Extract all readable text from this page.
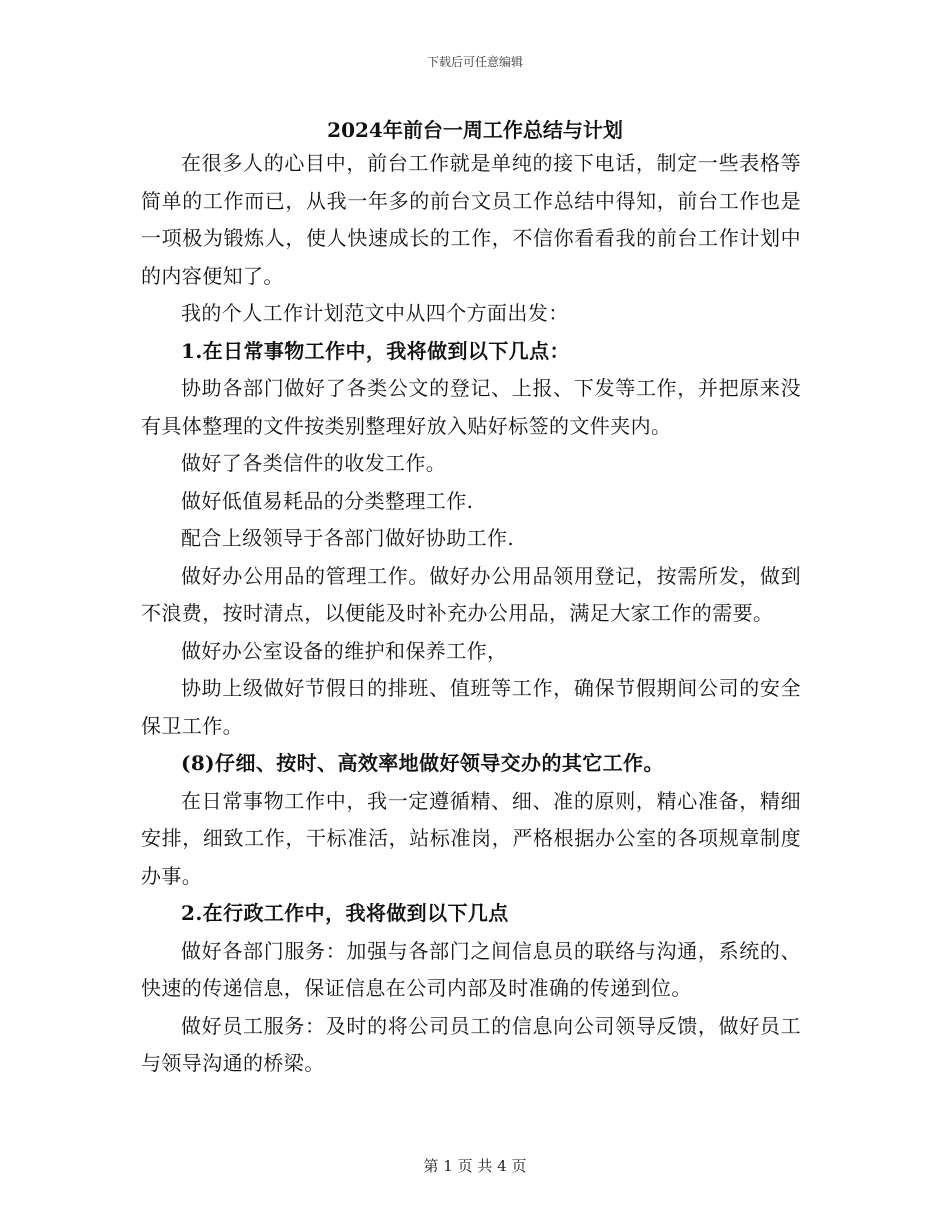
下载后可任意编辑
2024年前台一周工作总结与计划

在很多人的心目中，前台工作就是单纯的接下电话，制定一些表格等简单的工作而已，从我一年多的前台文员工作总结中得知，前台工作也是一项极为锻炼人，使人快速成长的工作，不信你看看我的前台工作计划中的内容便知了。

我的个人工作计划范文中从四个方面出发：

1.在日常事物工作中，我将做到以下几点：

协助各部门做好了各类公文的登记、上报、下发等工作，并把原来没有具体整理的文件按类别整理好放入贴好标签的文件夹内。

做好了各类信件的收发工作。

做好低值易耗品的分类整理工作.

配合上级领导于各部门做好协助工作.

做好办公用品的管理工作。做好办公用品领用登记，按需所发，做到不浪费，按时清点，以便能及时补充办公用品，满足大家工作的需要。

做好办公室设备的维护和保养工作，

协助上级做好节假日的排班、值班等工作，确保节假期间公司的安全保卫工作。

(8)仔细、按时、高效率地做好领导交办的其它工作。

在日常事物工作中，我一定遵循精、细、准的原则，精心准备，精细安排，细致工作，干标准活，站标准岗，严格根据办公室的各项规章制度办事。

2.在行政工作中，我将做到以下几点

做好各部门服务：加强与各部门之间信息员的联络与沟通，系统的、快速的传递信息，保证信息在公司内部及时准确的传递到位。

做好员工服务：及时的将公司员工的信息向公司领导反馈，做好员工与领导沟通的桥梁。

第 1 页 共 4 页
